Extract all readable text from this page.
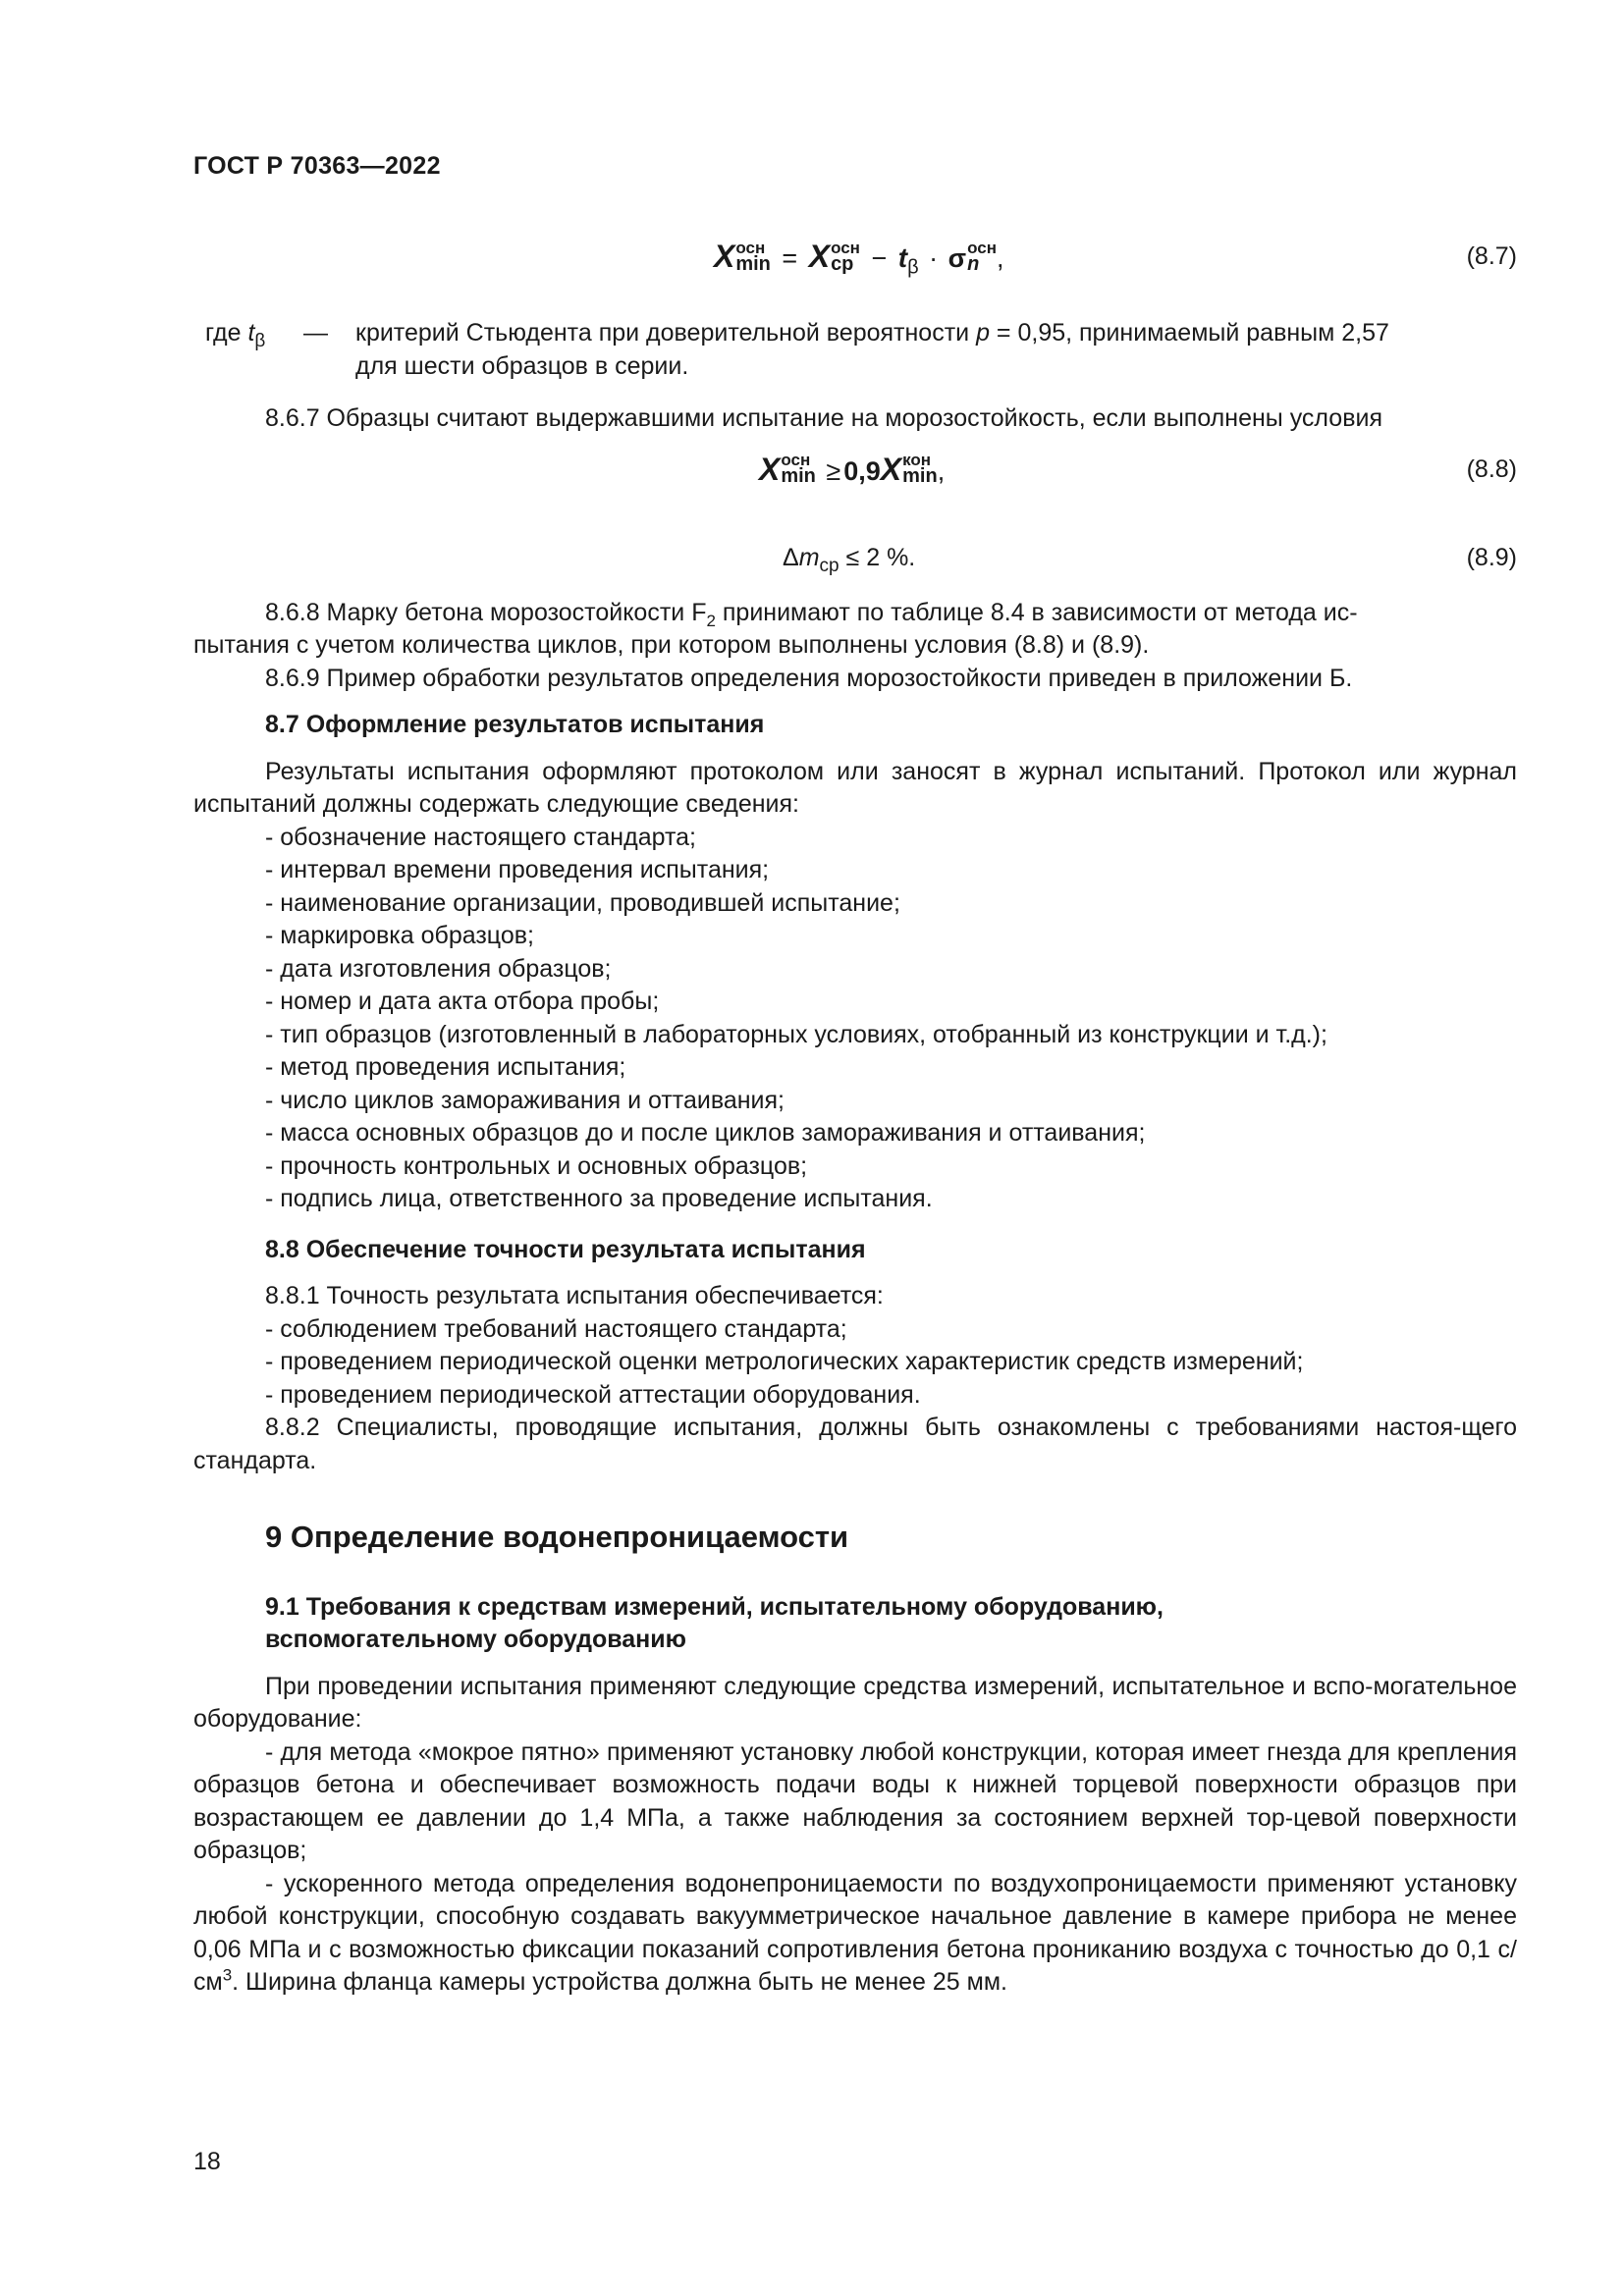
ГОСТ Р 70363—2022
X осн
min = X осн
ср − $t_\beta \cdot \sigma$ осн
n ,	(8.7)
где $t_\beta$ — критерий Стьюдента при доверительной вероятности p = 0,95, принимаемый равным 2,57
для шести образцов в серии.

8.6.7 Образцы считают выдержавшими испытание на морозостойкость, если выполнены условия

X осн
min ≥ 0,9X кон
min ,	(8.8)
$\Delta m_{ср} \le 2$ %.	(8.9)

8.6.8 Марку бетона морозостойкости $F_2$ принимают по таблице 8.4 в зависимости от метода ис-

пытания с учетом количества циклов, при котором выполнены условия (8.8) и (8.9).

8.6.9 Пример обработки результатов определения морозостойкости приведен в приложении Б.

8.7 Оформление результатов испытания

Результаты испытания оформляют протоколом или заносят в журнал испытаний. Протокол или журнал испытаний должны содержать следующие сведения:

- обозначение настоящего стандарта;

- интервал времени проведения испытания;

- наименование организации, проводившей испытание;

- маркировка образцов;

- дата изготовления образцов;

- номер и дата акта отбора пробы;

- тип образцов (изготовленный в лабораторных условиях, отобранный из конструкции и т.д.);

- метод проведения испытания;

- число циклов замораживания и оттаивания;

- масса основных образцов до и после циклов замораживания и оттаивания;

- прочность контрольных и основных образцов;

- подпись лица, ответственного за проведение испытания.

8.8 Обеспечение точности результата испытания

8.8.1 Точность результата испытания обеспечивается:

- соблюдением требований настоящего стандарта;

- проведением периодической оценки метрологических характеристик средств измерений;

- проведением периодической аттестации оборудования.

8.8.2 Специалисты, проводящие испытания, должны быть ознакомлены с требованиями настоя-щего стандарта.

9 Определение водонепроницаемости

9.1 Требования к средствам измерений, испытательному оборудованию,
вспомогательному оборудованию

При проведении испытания применяют следующие средства измерений, испытательное и вспо-могательное оборудование:

- для метода «мокрое пятно» применяют установку любой конструкции, которая имеет гнезда для крепления образцов бетона и обеспечивает возможность подачи воды к нижней торцевой поверхности образцов при возрастающем ее давлении до 1,4 МПа, а также наблюдения за состоянием верхней тор-цевой поверхности образцов;

- ускоренного метода определения водонепроницаемости по воздухопроницаемости применяют установку любой конструкции, способную создавать вакуумметрическое начальное давление в камере прибора не менее 0,06 МПа и с возможностью фиксации показаний сопротивления бетона прониканию воздуха с точностью до 0,1 $с/см^3$. Ширина фланца камеры устройства должна быть не менее 25 мм.

18
